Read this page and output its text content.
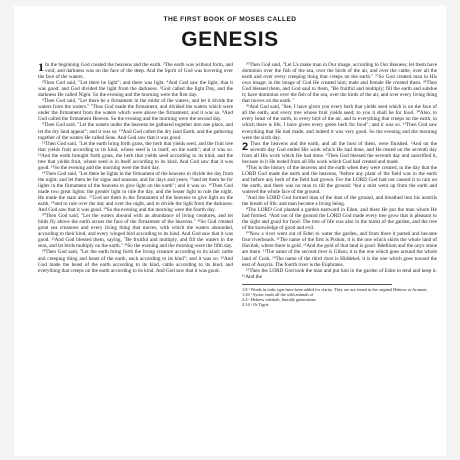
THE FIRST BOOK OF MOSES CALLED
GENESIS

1 In the beginning God created the heavens and the earth. ²The earth was without form, and void; and darkness was on the face of the deep. And the Spirit of God was hovering over the face of the waters.

³Then God said, "Let there be light"; and there was light. ⁴And God saw the light, that it was good; and God divided the light from the darkness. ⁵God called the light Day, and the darkness He called Night. So the evening and the morning were the first day.

⁶Then God said, "Let there be a firmament in the midst of the waters, and let it divide the waters from the waters." ⁷Thus God made the firmament, and divided the waters which were under the firmament from the waters which were above the firmament; and it was so. ⁸And God called the firmament Heaven. So the evening and the morning were the second day.

⁹Then God said, "Let the waters under the heavens be gathered together into one place, and let the dry land appear"; and it was so. ¹⁰And God called the dry land Earth, and the gathering together of the waters He called Seas. And God saw that it was good.

¹¹Then God said, "Let the earth bring forth grass, the herb that yields seed, and the fruit tree that yields fruit according to its kind, whose seed is in itself, on the earth"; and it was so. ¹²And the earth brought forth grass, the herb that yields seed according to its kind, and the tree that yields fruit, whose seed is in itself according to its kind. And God saw that it was good. ¹³So the evening and the morning were the third day.

¹⁴Then God said, "Let there be lights in the firmament of the heavens to divide the day from the night; and let them be for signs and seasons, and for days and years; ¹⁵and let them be for lights in the firmament of the heavens to give light on the earth"; and it was so. ¹⁶Then God made two great lights: the greater light to rule the day, and the lesser light to rule the night. He made the stars also. ¹⁷God set them in the firmament of the heavens to give light on the earth, ¹⁸and to rule over the day and over the night, and to divide the light from the darkness. And God saw that it was good. ¹⁹So the evening and the morning were the fourth day.

²⁰Then God said, "Let the waters abound with an abundance of living creatures, and let birds fly above the earth across the face of the firmament of the heavens." ²¹So God created great sea creatures and every living thing that moves, with which the waters abounded, according to their kind, and every winged bird according to its kind. And God saw that it was good. ²²And God blessed them, saying, "Be fruitful and multiply, and fill the waters in the seas, and let birds multiply on the earth." ²³So the evening and the morning were the fifth day.

²⁴Then God said, "Let the earth bring forth the living creature according to its kind: cattle and creeping thing and beast of the earth, each according to its kind"; and it was so. ²⁵And God made the beast of the earth according to its kind, cattle according to its kind, and everything that creeps on the earth according to its kind. And God saw that it was good.

²⁶Then God said, "Let Us make man in Our image, according to Our likeness; let them have dominion over the fish of the sea, over the birds of the air, and over the cattle, over all the earth and over every creeping thing that creeps on the earth." ²⁷So God created man in His own image; in the image of God He created him; male and female He created them. ²⁸Then God blessed them, and God said to them, "Be fruitful and multiply; fill the earth and subdue it; have dominion over the fish of the sea, over the birds of the air, and over every living thing that moves on the earth."

²⁹And God said, "See, I have given you every herb that yields seed which is on the face of all the earth, and every tree whose fruit yields seed; to you it shall be for food. ³⁰Also, to every beast of the earth, to every bird of the air, and to everything that creeps on the earth, in which there is life, I have given every green herb for food"; and it was so. ³¹Then God saw everything that He had made, and indeed it was very good. So the evening and the morning were the sixth day.

2 Thus the heavens and the earth, and all the host of them, were finished. ²And on the seventh day God ended His work which He had done, and He rested on the seventh day from all His work which He had done. ³Then God blessed the seventh day and sanctified it, because in it He rested from all His work which God had created and made.

⁴This is the history of the heavens and the earth when they were created, in the day that the LORD God made the earth and the heavens, ⁵before any plant of the field was in the earth and before any herb of the field had grown. For the LORD God had not caused it to rain on the earth, and there was no man to till the ground; ⁶but a mist went up from the earth and watered the whole face of the ground.

⁷And the LORD God formed man of the dust of the ground, and breathed into his nostrils the breath of life; and man became a living being.

⁸The LORD God planted a garden eastward in Eden, and there He put the man whom He had formed. ⁹And out of the ground the LORD God made every tree grow that is pleasant to the sight and good for food. The tree of life was also in the midst of the garden, and the tree of the knowledge of good and evil.

¹⁰Now a river went out of Eden to water the garden, and from there it parted and became four riverheads. ¹¹The name of the first is Pishon; it is the one which skirts the whole land of Havilah, where there is gold. ¹²And the gold of that land is good. Bdellium and the onyx stone are there. ¹³The name of the second river is Gihon; it is the one which goes around the whole land of Cush. ¹⁴The name of the third river is Hiddekel; it is the one which goes toward the east of Assyria. The fourth river is the Euphrates.

¹⁵Then the LORD God took the man and put him in the garden of Eden to tend and keep it. ¹⁶And the

1:8 ᵃ Words in italic type have been added for clarity. They are not found in the original Hebrew or Aramaic.

1:26 ᵃ Syriac reads all the wild animals of

2:4 ᵃ Hebrew toledoth, literally generations

2:14 ᵃ Or Tigris
